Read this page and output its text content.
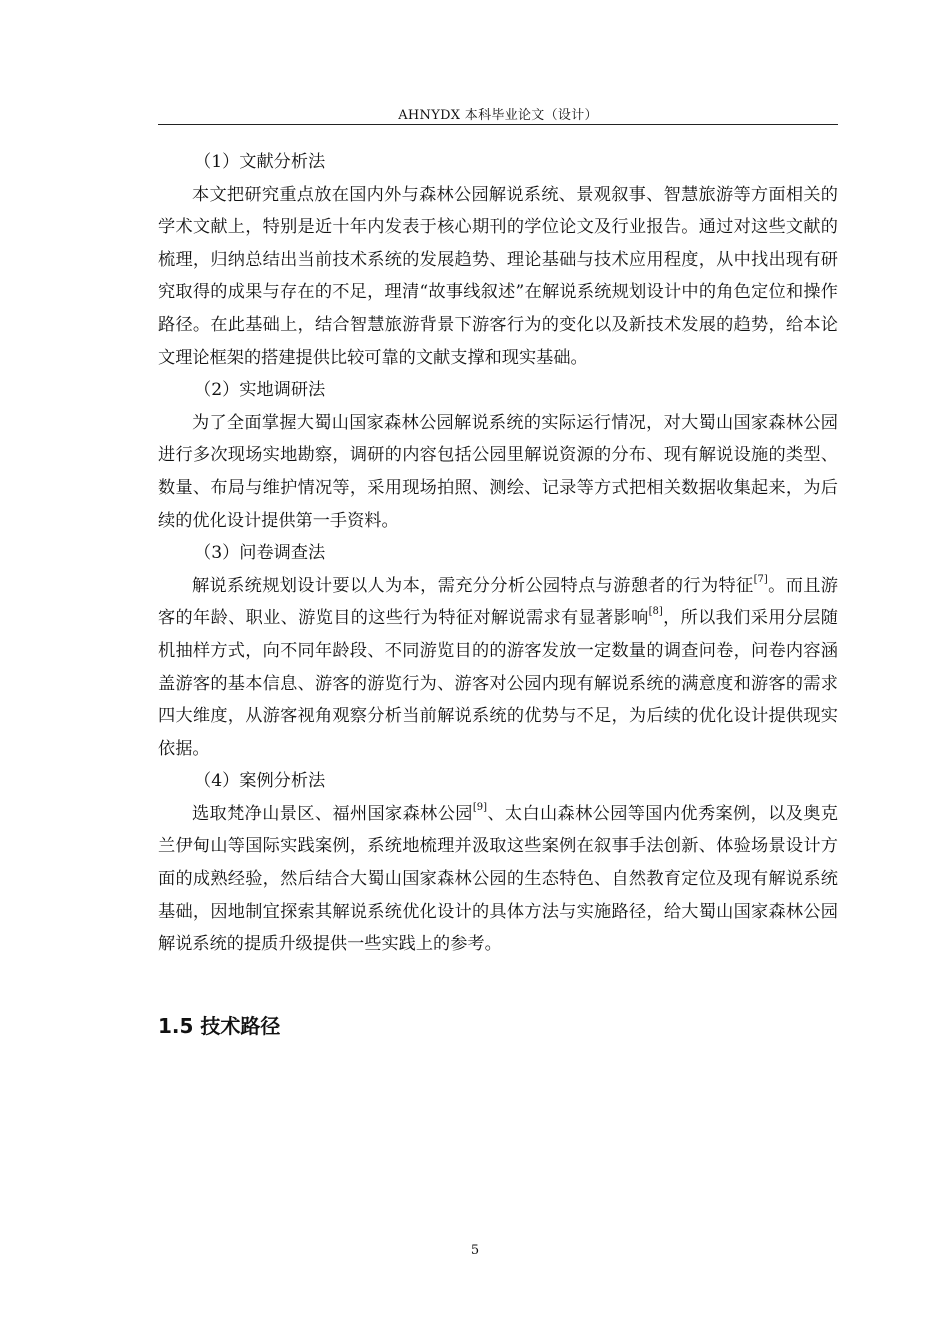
AHNYDX 本科毕业论文（设计）

（1）文献分析法

本文把研究重点放在国内外与森林公园解说系统、景观叙事、智慧旅游等方面相关的学术文献上，特别是近十年内发表于核心期刊的学位论文及行业报告。通过对这些文献的梳理，归纳总结出当前技术系统的发展趋势、理论基础与技术应用程度，从中找出现有研究取得的成果与存在的不足，理清“故事线叙述”在解说系统规划设计中的角色定位和操作路径。在此基础上，结合智慧旅游背景下游客行为的变化以及新技术发展的趋势，给本论文理论框架的搭建提供比较可靠的文献支撑和现实基础。

（2）实地调研法

为了全面掌握大蜀山国家森林公园解说系统的实际运行情况，对大蜀山国家森林公园进行多次现场实地勘察，调研的内容包括公园里解说资源的分布、现有解说设施的类型、数量、布局与维护情况等，采用现场拍照、测绘、记录等方式把相关数据收集起来，为后续的优化设计提供第一手资料。

（3）问卷调查法

解说系统规划设计要以人为本，需充分分析公园特点与游憩者的行为特征[7]。而且游客的年龄、职业、游览目的这些行为特征对解说需求有显著影响[8]，所以我们采用分层随机抽样方式，向不同年龄段、不同游览目的的游客发放一定数量的调查问卷，问卷内容涵盖游客的基本信息、游客的游览行为、游客对公园内现有解说系统的满意度和游客的需求四大维度，从游客视角观察分析当前解说系统的优势与不足，为后续的优化设计提供现实依据。

（4）案例分析法

选取梵净山景区、福州国家森林公园[9]、太白山森林公园等国内优秀案例，以及奥克兰伊甸山等国际实践案例，系统地梳理并汲取这些案例在叙事手法创新、体验场景设计方面的成熟经验，然后结合大蜀山国家森林公园的生态特色、自然教育定位及现有解说系统基础，因地制宜探索其解说系统优化设计的具体方法与实施路径，给大蜀山国家森林公园解说系统的提质升级提供一些实践上的参考。

1.5 技术路径
5
